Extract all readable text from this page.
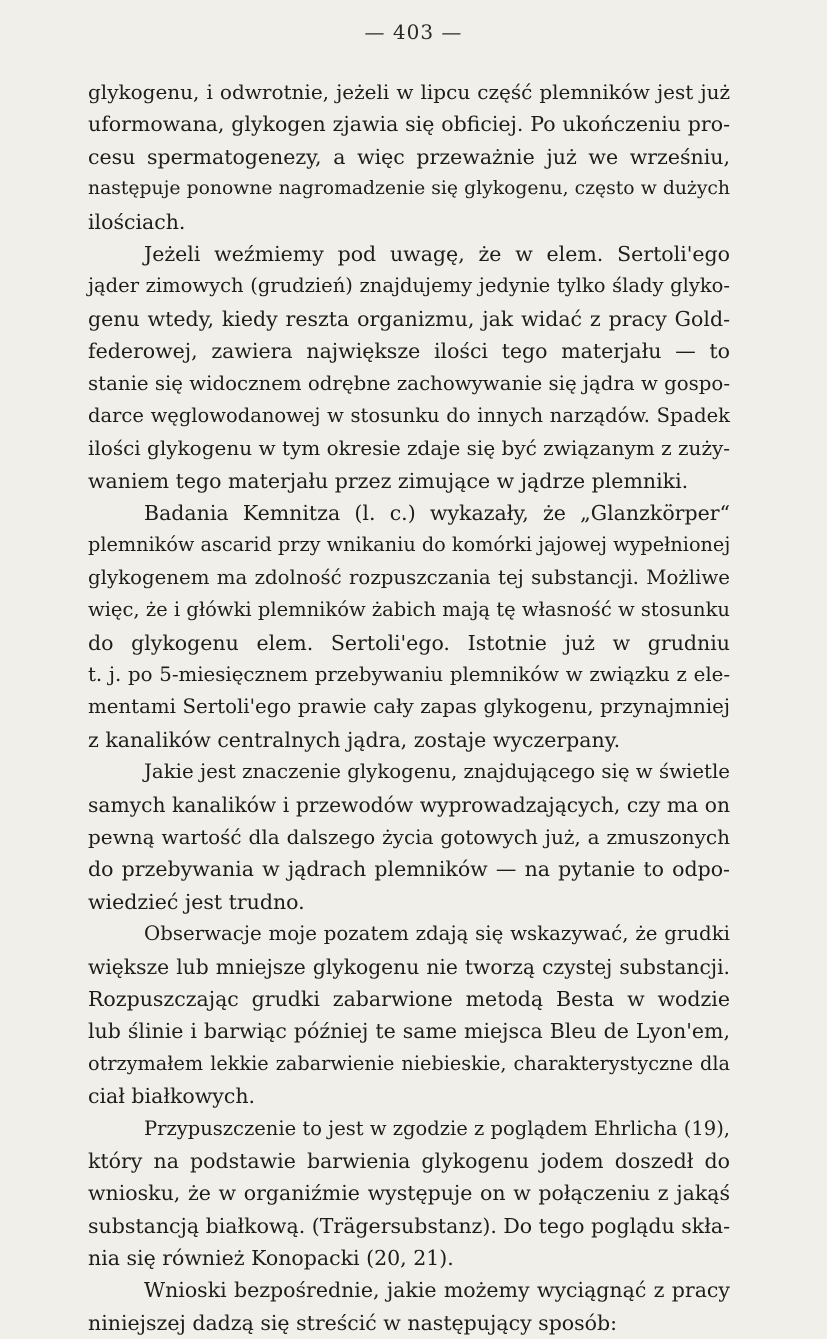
— 403 —
glykogenu, i odwrotnie, jeżeli w lipcu część plemników jest już
uformowana, glykogen zjawia się obficiej. Po ukończeniu pro-
cesu spermatogenezy, a więc przeważnie już we wrześniu,
następuje ponowne nagromadzenie się glykogenu, często w dużych
ilościach.
Jeżeli weźmiemy pod uwagę, że w elem. Sertoli'ego
jąder zimowych (grudzień) znajdujemy jedynie tylko ślady glyko-
genu wtedy, kiedy reszta organizmu, jak widać z pracy Gold-
federowej, zawiera największe ilości tego materjału — to
stanie się widocznem odrębne zachowywanie się jądra w gospo-
darce węglowodanowej w stosunku do innych narządów. Spadek
ilości glykogenu w tym okresie zdaje się być związanym z zuży-
waniem tego materjału przez zimujące w jądrze plemniki.
Badania Kemnitza (l. c.) wykazały, że „Glanzkörper“
plemników ascarid przy wnikaniu do komórki jajowej wypełnionej
glykogenem ma zdolność rozpuszczania tej substancji. Możliwe
więc, że i główki plemników żabich mają tę własność w stosunku
do glykogenu elem. Sertoli'ego. Istotnie już w grudniu
t. j. po 5-miesięcznem przebywaniu plemników w związku z ele-
mentami Sertoli'ego prawie cały zapas glykogenu, przynajmniej
z kanalików centralnych jądra, zostaje wyczerpany.
Jakie jest znaczenie glykogenu, znajdującego się w świetle
samych kanalików i przewodów wyprowadzających, czy ma on
pewną wartość dla dalszego życia gotowych już, a zmuszonych
do przebywania w jądrach plemników — na pytanie to odpo-
wiedzieć jest trudno.
Obserwacje moje pozatem zdają się wskazywać, że grudki
większe lub mniejsze glykogenu nie tworzą czystej substancji.
Rozpuszczając grudki zabarwione metodą Besta w wodzie
lub ślinie i barwiąc później te same miejsca Bleu de Lyon'em,
otrzymałem lekkie zabarwienie niebieskie, charakterystyczne dla
ciał białkowych.
Przypuszczenie to jest w zgodzie z poglądem Ehrlicha (19),
który na podstawie barwienia glykogenu jodem doszedł do
wniosku, że w organiźmie występuje on w połączeniu z jakąś
substancją białkową. (Trägersubstanz). Do tego poglądu skła-
nia się również Konopacki (20, 21).
Wnioski bezpośrednie, jakie możemy wyciągnąć z pracy
niniejszej dadzą się streścić w następujący sposób:
